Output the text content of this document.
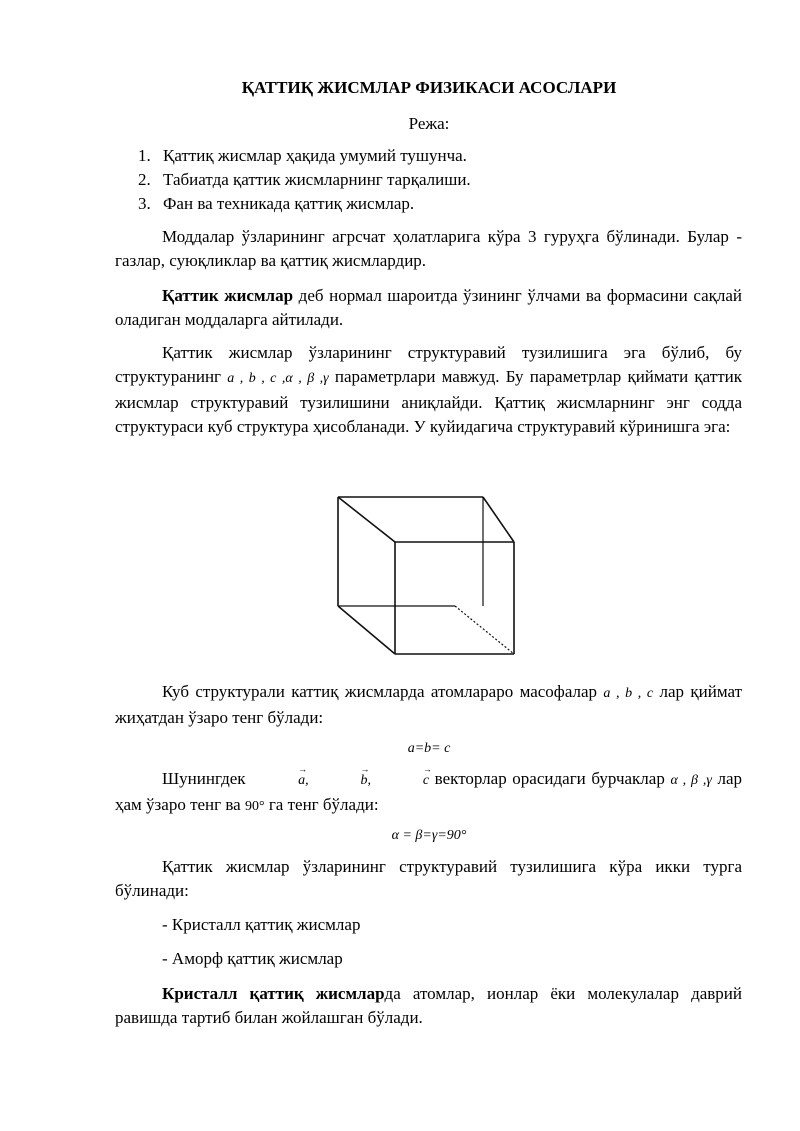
ҚАТТИҚ ЖИСМЛАР ФИЗИКАСИ АСОСЛАРИ
Режа:
1. Қаттиқ жисмлар ҳақида умумий тушунча.
2. Табиатда қаттик жисмларнинг тарқалиши.
3. Фан ва техникада қаттиқ жисмлар.
Моддалар ўзларининг агрсчат ҳолатларига кўра 3 гуруҳга бўлинади. Булар - газлар, суюқликлар ва қаттиқ жисмлардир.
Қаттик жисмлар деб нормал шароитда ўзининг ўлчами ва формасини сақлай оладиган моддаларга айтилади.
Қаттик жисмлар ўзларининг структуравий тузилишига эга бўлиб, бу структуранинг a , b , c ,α , β ,γ параметрлари мавжуд. Бу параметрлар қиймати қаттик жисмлар структуравий тузилишини аниқлайди. Қаттиқ жисмларнинг энг содда структураси куб структура ҳисобланади. У куйидагича структуравий кўринишга эга:
Куб структурали каттиқ жисмларда атомлараро масофалар a , b , c лар қиймат жиҳатдан ўзаро тенг бўлади:
a=b= c
Шунингдек	→ a,	→ b,	→ c векторлар орасидаги бурчаклар α , β ,γ лар ҳам ўзаро тенг ва 90° га тенг бўлади:
α = β=γ=90°
Қаттик жисмлар ўзларининг структуравий тузилишига кўра икки турга бўлинади:
- Кристалл қаттиқ жисмлар
- Аморф қаттиқ жисмлар
Кристалл қаттиқ жисмларда атомлар, ионлар ёки молекулалар даврий равишда тартиб билан жойлашган бўлади.
